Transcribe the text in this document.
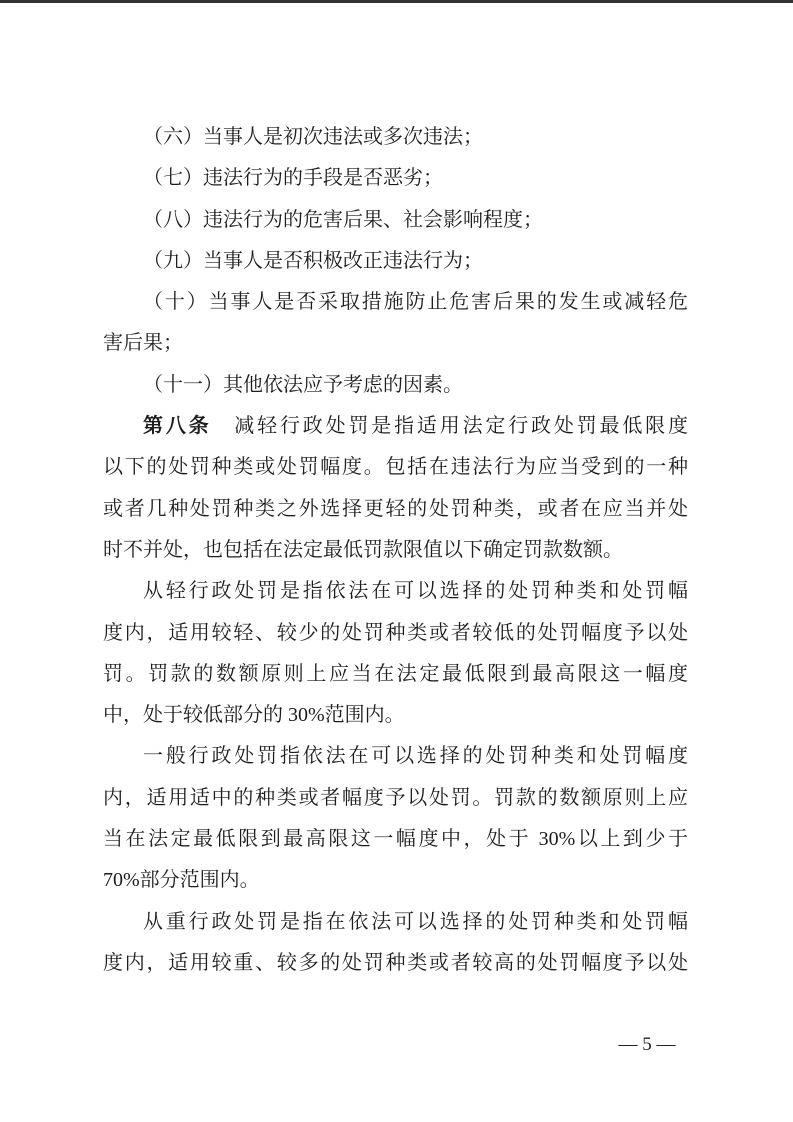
（六）当事人是初次违法或多次违法；
（七）违法行为的手段是否恶劣；
（八）违法行为的危害后果、社会影响程度；
（九）当事人是否积极改正违法行为；
（十）当事人是否采取措施防止危害后果的发生或减轻危
害后果；
（十一）其他依法应予考虑的因素。
第八条　减轻行政处罚是指适用法定行政处罚最低限度
以下的处罚种类或处罚幅度。包括在违法行为应当受到的一种
或者几种处罚种类之外选择更轻的处罚种类，或者在应当并处
时不并处，也包括在法定最低罚款限值以下确定罚款数额。
从轻行政处罚是指依法在可以选择的处罚种类和处罚幅
度内，适用较轻、较少的处罚种类或者较低的处罚幅度予以处
罚。罚款的数额原则上应当在法定最低限到最高限这一幅度
中，处于较低部分的 30%范围内。
一般行政处罚指依法在可以选择的处罚种类和处罚幅度
内，适用适中的种类或者幅度予以处罚。罚款的数额原则上应
当在法定最低限到最高限这一幅度中，处于 30%以上到少于
70%部分范围内。
从重行政处罚是指在依法可以选择的处罚种类和处罚幅
度内，适用较重、较多的处罚种类或者较高的处罚幅度予以处
— 5 —
